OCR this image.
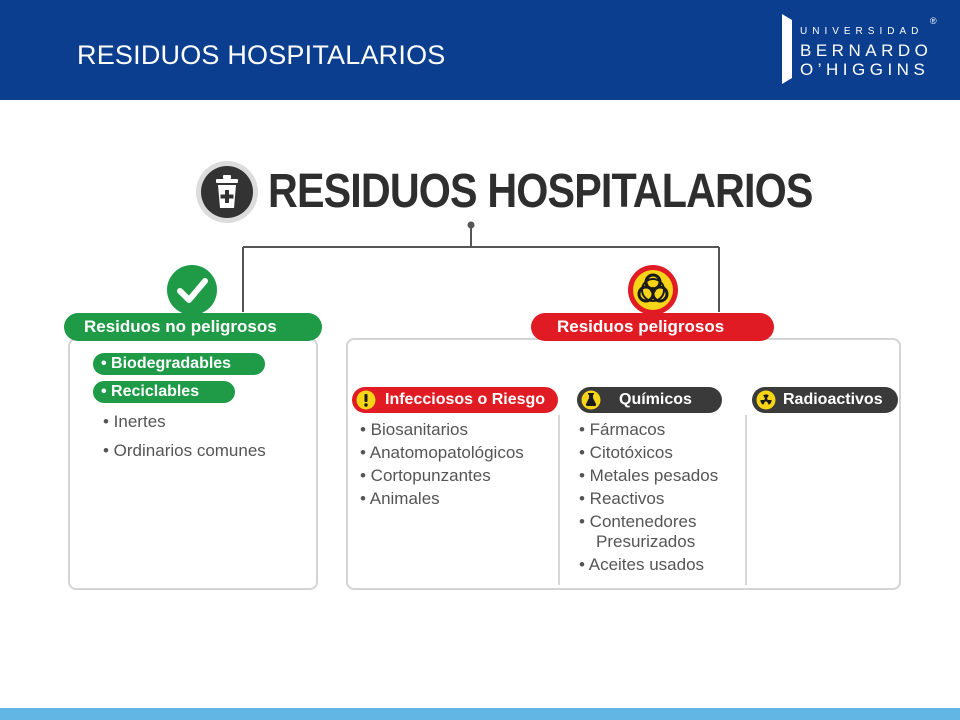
RESIDUOS HOSPITALARIOS
UNIVERSIDAD
BERNARDO
O’HIGGINS
®
RESIDUOS HOSPITALARIOS
Residuos no peligrosos
• Biodegradables
• Reciclables
• Inertes
• Ordinarios comunes
Residuos peligrosos
Infecciosos o Riesgo
• Biosanitarios
• Anatomopatológicos
• Cortopunzantes
• Animales
Químicos
• Fármacos
• Citotóxicos
• Metales pesados
• Reactivos
• Contenedores
Presurizados
• Aceites usados
Radioactivos
